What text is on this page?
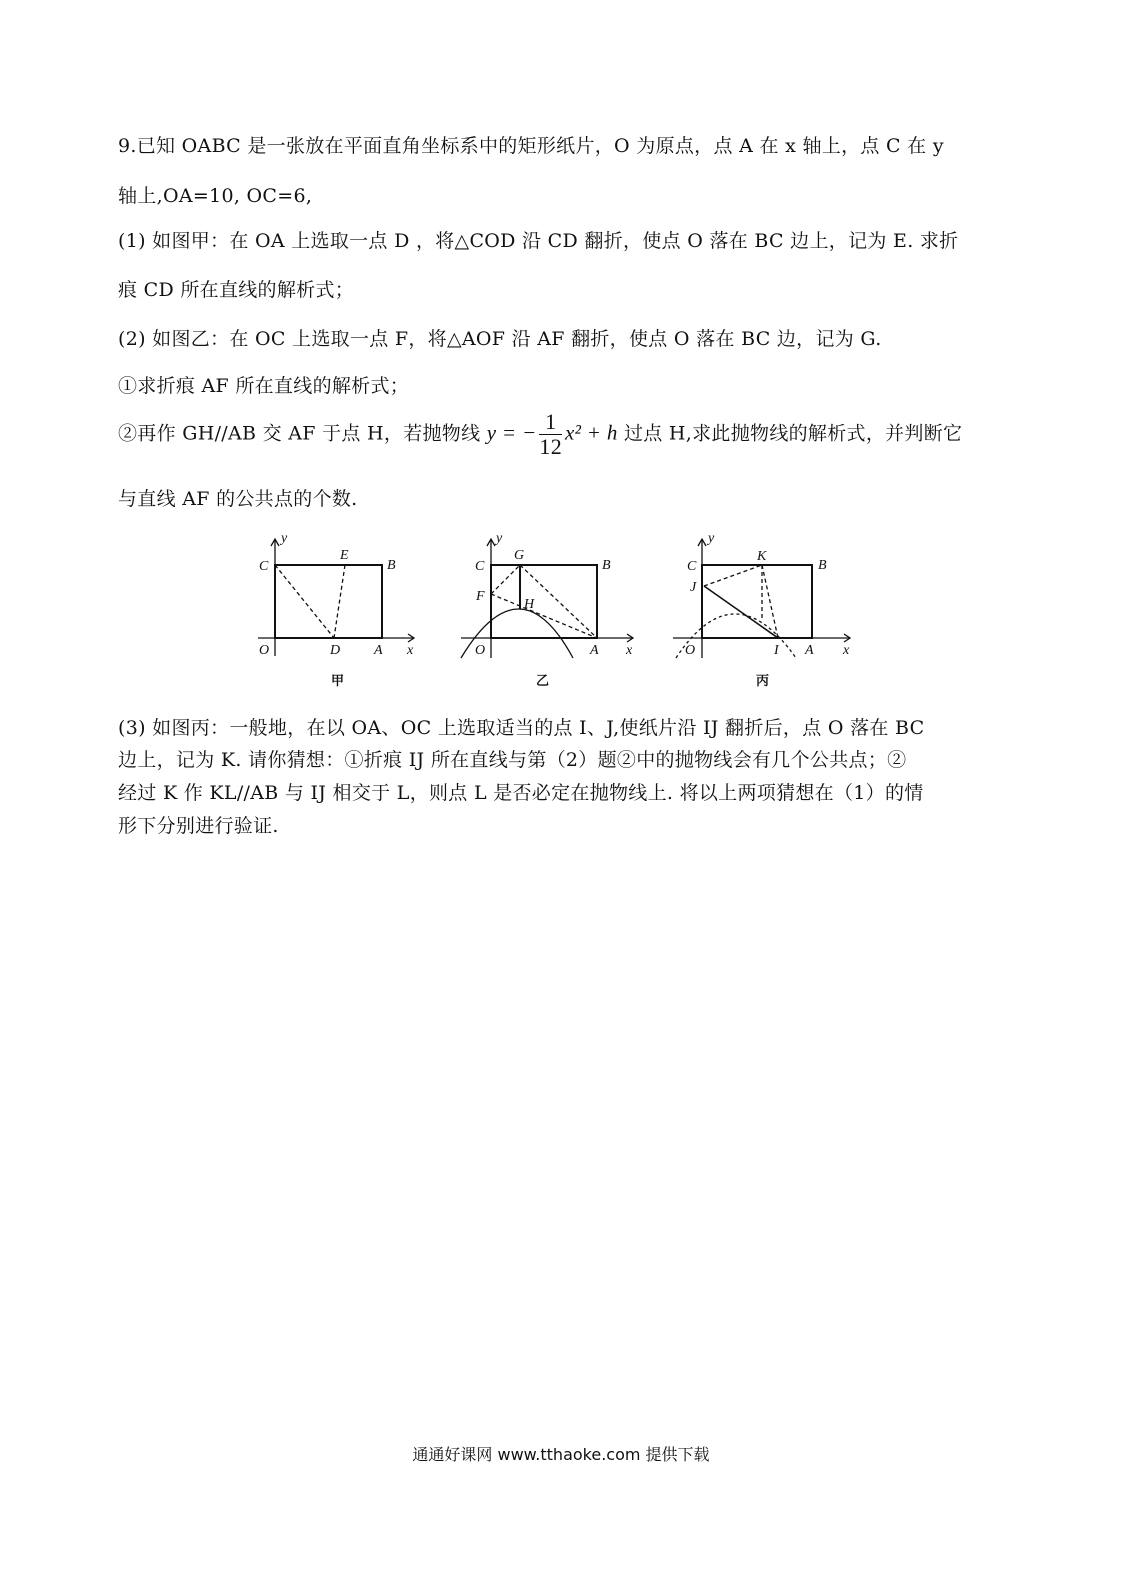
9.已知 OABC 是一张放在平面直角坐标系中的矩形纸片，O 为原点，点 A 在 x 轴上，点 C 在 y
轴上,OA=10, OC=6,
(1) 如图甲：在 OA 上选取一点 D ，将△COD 沿 CD 翻折，使点 O 落在 BC 边上，记为 E. 求折
痕 CD 所在直线的解析式；
(2) 如图乙：在 OC 上选取一点 F，将△AOF 沿 AF 翻折，使点 O 落在 BC 边，记为 G.
①求折痕 AF 所在直线的解析式；
②再作 GH//AB 交 AF 于点 H，若抛物线 y = − $\frac{1}{12} x^2 + h$ 过点 H,求此抛物线的解析式，并判断它
与直线 AF 的公共点的个数.
y
x
C
E
B
O	D A
甲
y
x
C
G
B
F
H
O	A
乙
y
x
C
K
B
J
O	I A
丙
(3) 如图丙：一般地，在以 OA、OC 上选取适当的点 I、J,使纸片沿 IJ 翻折后，点 O 落在 BC
边上，记为 K. 请你猜想：①折痕 IJ 所在直线与第（2）题②中的抛物线会有几个公共点；②
经过 K 作 KL//AB 与 IJ 相交于 L，则点 L 是否必定在抛物线上. 将以上两项猜想在（1）的情
形下分别进行验证.
通通好课网 www.tthaoke.com 提供下载
